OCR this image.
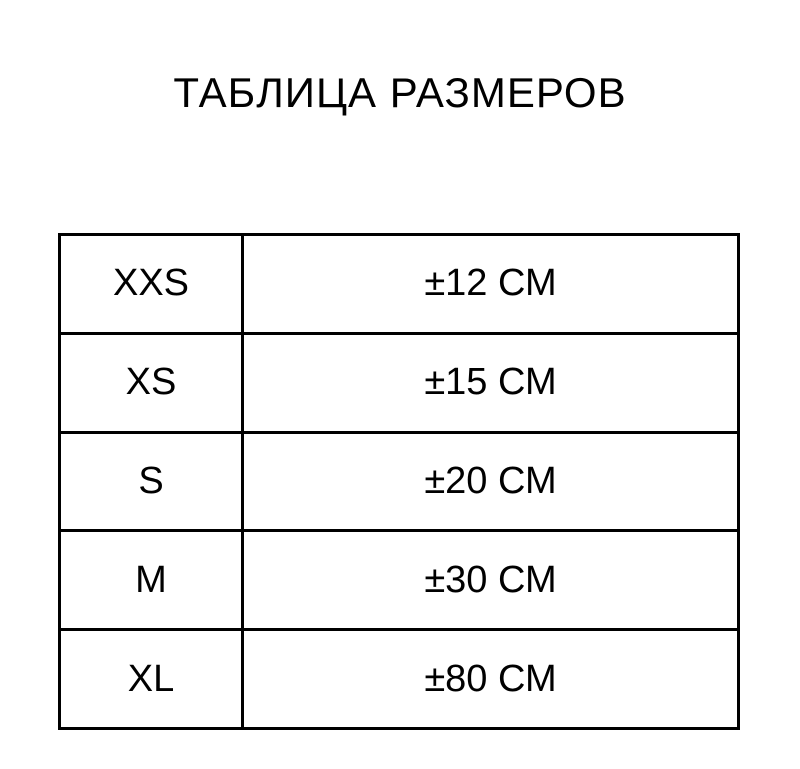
ТАБЛИЦА РАЗМЕРОВ
XXS	±12 СМ
XS	±15 СМ
S	±20 СМ
M	±30 СМ
XL	±80 СМ
